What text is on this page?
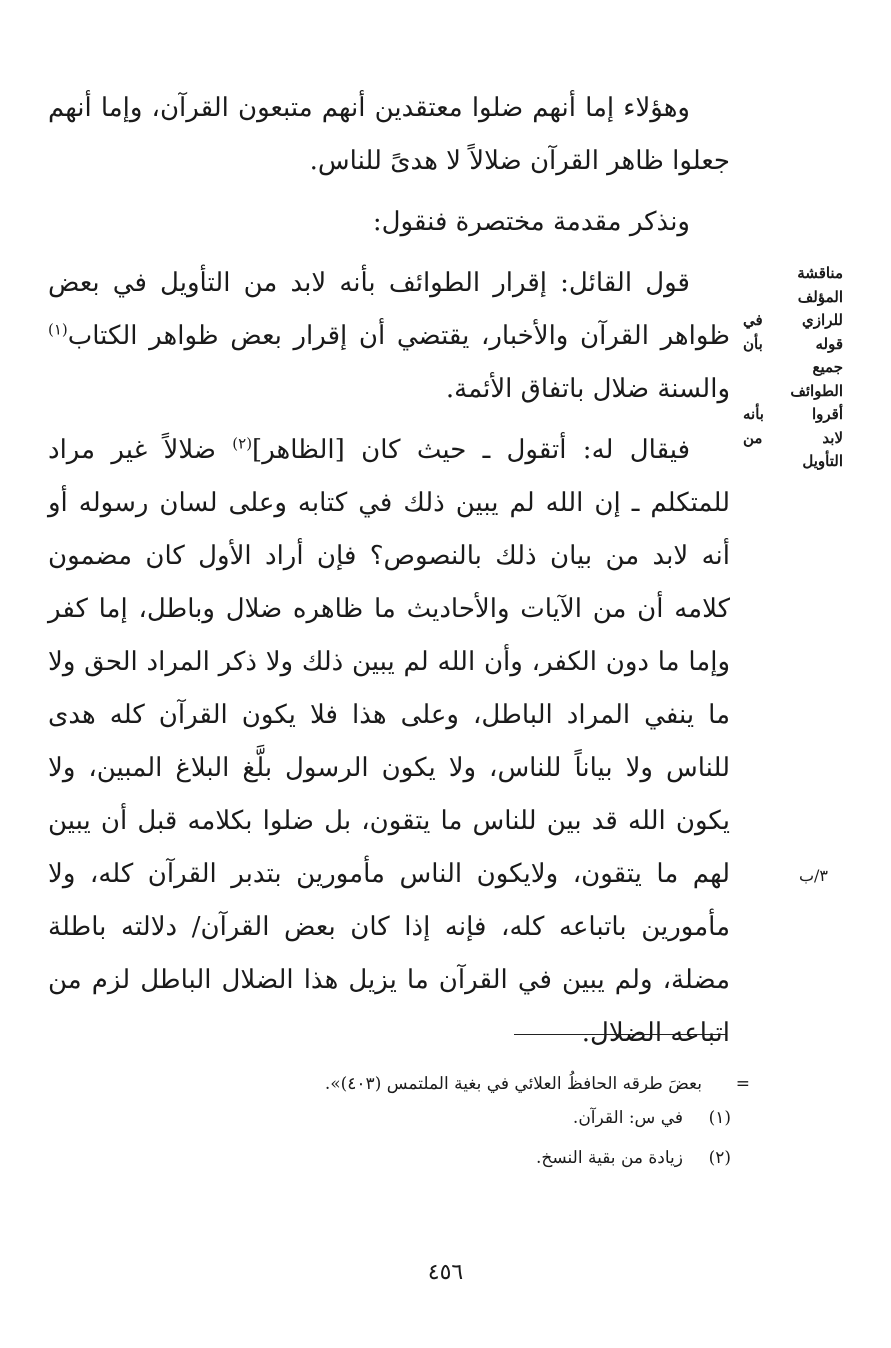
وهؤلاء إما أنهم ضلوا معتقدين أنهم متبعون القرآن، وإما أنهم جعلوا ظاهر القرآن ضلالاً لا هدىً للناس.

ونذكر مقدمة مختصرة فنقول:

قول القائل: إقرار الطوائف بأنه لابد من التأويل في بعض ظواهر القرآن والأخبار، يقتضي أن إقرار بعض ظواهر الكتاب$^{(١)}$ والسنة ضلال باتفاق الأئمة.

فيقال له: أتقول ـ حيث كان [الظاهر]$^{(٢)}$ ضلالاً غير مراد للمتكلم ـ إن الله لم يبين ذلك في كتابه وعلى لسان رسوله أو أنه لابد من بيان ذلك بالنصوص؟ فإن أراد الأول كان مضمون كلامه أن من الآيات والأحاديث ما ظاهره ضلال وباطل، إما كفر وإما ما دون الكفر، وأن الله لم يبين ذلك ولا ذكر المراد الحق ولا ما ينفي المراد الباطل، وعلى هذا فلا يكون القرآن كله هدى للناس ولا بياناً للناس، ولا يكون الرسول بلَّغ البلاغ المبين، ولا يكون الله قد بين للناس ما يتقون، بل ضلوا بكلامه قبل أن يبين لهم ما يتقون، ولايكون الناس مأمورين بتدبر القرآن كله، ولا مأمورين باتباعه كله، فإنه إذا كان بعض القرآن/ دلالته باطلة مضلة، ولم يبين في القرآن ما يزيل هذا الضلال الباطل لزم من اتباعه الضلال.

مناقشة
المؤلف
للرازي في
قوله بأن
جميع
الطوائف
أقروا بأنه
لابد من
التأويل
٣/ب
=بعضَ طرقه الحافظُ العلائي في بغية الملتمس (٤٠٣)».
(١)في س: القرآن.
(٢)زيادة من بقية النسخ.
٤٥٦
